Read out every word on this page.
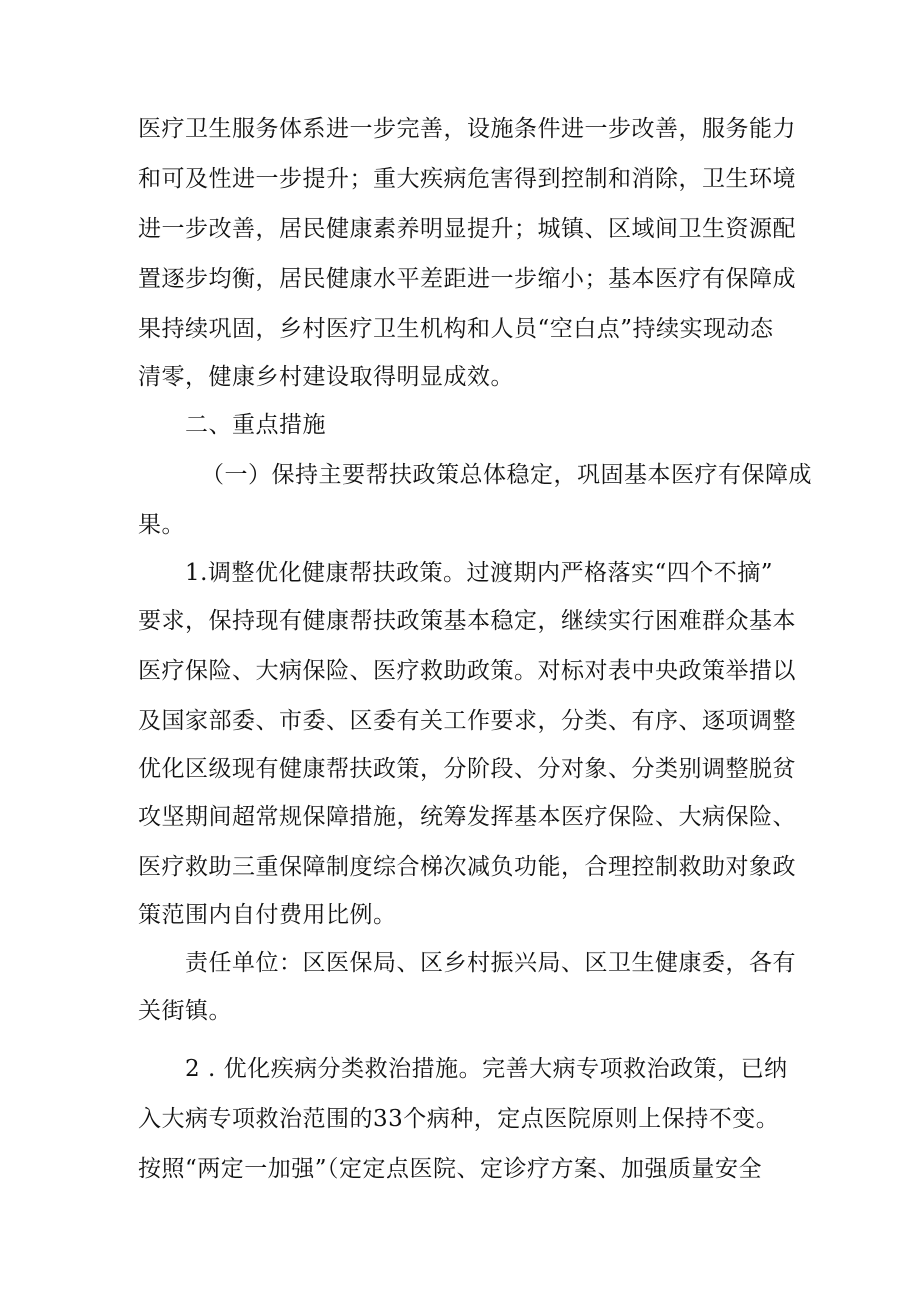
医疗卫生服务体系进一步完善，设施条件进一步改善，服务能力
和可及性进一步提升；重大疾病危害得到控制和消除，卫生环境
进一步改善，居民健康素养明显提升；城镇、区域间卫生资源配
置逐步均衡，居民健康水平差距进一步缩小；基本医疗有保障成
果持续巩固，乡村医疗卫生机构和人员“空白点”持续实现动态
清零，健康乡村建设取得明显成效。
二、重点措施
（一）保持主要帮扶政策总体稳定，巩固基本医疗有保障成
果。
1.调整优化健康帮扶政策。过渡期内严格落实“四个不摘”
要求，保持现有健康帮扶政策基本稳定，继续实行困难群众基本
医疗保险、大病保险、医疗救助政策。对标对表中央政策举措以
及国家部委、市委、区委有关工作要求，分类、有序、逐项调整
优化区级现有健康帮扶政策，分阶段、分对象、分类别调整脱贫
攻坚期间超常规保障措施，统筹发挥基本医疗保险、大病保险、
医疗救助三重保障制度综合梯次减负功能，合理控制救助对象政
策范围内自付费用比例。
责任单位：区医保局、区乡村振兴局、区卫生健康委，各有
关街镇。
2 . 优化疾病分类救治措施。完善大病专项救治政策，已纳
入大病专项救治范围的33个病种，定点医院原则上保持不变。
按照“两定一加强”（定定点医院、定诊疗方案、加强质量安全
